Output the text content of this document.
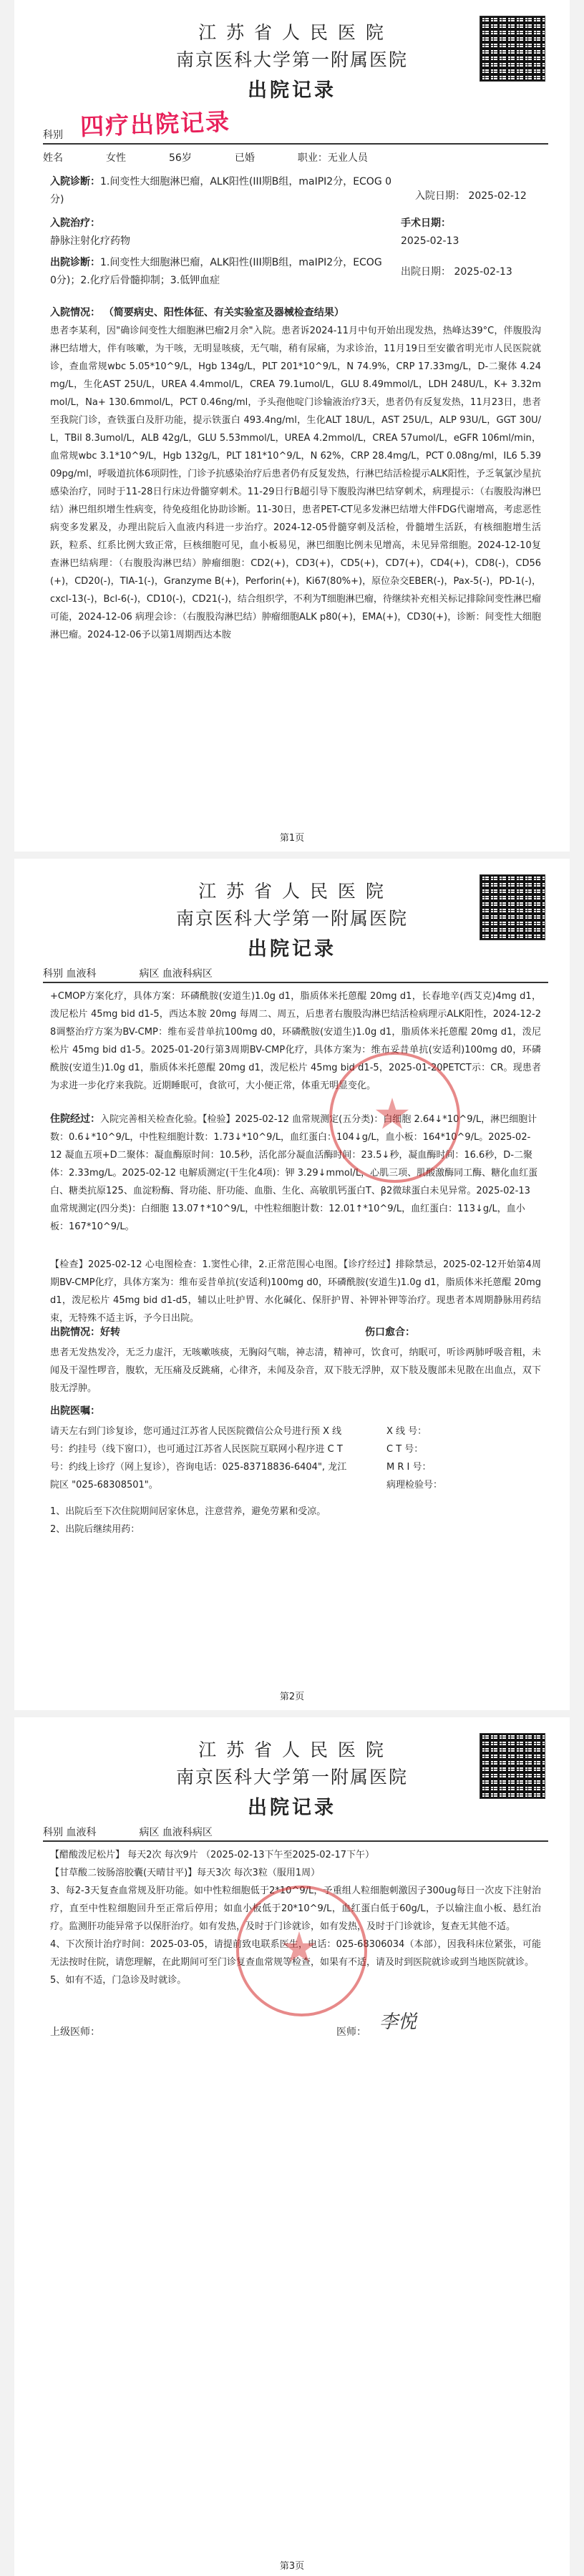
江 苏 省 人 民 医 院
南京医科大学第一附属医院
出院记录
四疗出院记录
科别
姓名	女性	56岁	已婚	职业：无业人员
入院诊断：1.间变性大细胞淋巴瘤，ALK阳性(III期B组，maIPI2分，ECOG 0分)	入院日期： 2025-02-12
入院治疗：
静脉注射化疗药物
手术日期：
2025-02-13
出院诊断：1.间变性大细胞淋巴瘤，ALK阳性(III期B组，maIPI2分，ECOG 0分)；2.化疗后骨髓抑制；3.低钾血症
出院日期： 2025-02-13
入院情况： （简要病史、阳性体征、有关实验室及器械检查结果）
患者李某利，因"确诊间变性大细胞淋巴瘤2月余"入院。患者诉2024-11月中旬开始出现发热，热峰达39°C，伴腹股沟淋巴结增大，伴有咳嗽，为干咳，无明显咳痰，无气喘，稍有尿痛，为求诊治，11月19日至安徽省明光市人民医院就诊，查血常规wbc 5.05*10^9/L，Hgb 134g/L，PLT 201*10^9/L，N 74.9%，CRP 17.33mg/L，D-二聚体 4.24mg/L，生化AST 25U/L，UREA 4.4mmol/L，CREA 79.1umol/L，GLU 8.49mmol/L，LDH 248U/L，K+ 3.32mmol/L，Na+ 130.6mmol/L，PCT 0.46ng/ml，予头孢他啶门诊输液治疗3天，患者仍有反复发热，11月23日，患者至我院门诊，查铁蛋白及肝功能，提示铁蛋白 493.4ng/ml，生化ALT 18U/L，AST 25U/L，ALP 93U/L，GGT 30U/L，TBil 8.3umol/L，ALB 42g/L，GLU 5.53mmol/L，UREA 4.2mmol/L，CREA 57umol/L，eGFR 106ml/min，血常规wbc 3.1*10^9/L，Hgb 132g/L，PLT 181*10^9/L，N 62%，CRP 28.4mg/L，PCT 0.08ng/ml，IL6 5.3909pg/ml，呼吸道抗体6项阴性，门诊予抗感染治疗后患者仍有反复发热，行淋巴结活检提示ALK阳性，予乏氧氯沙星抗感染治疗，同时于11-28日行床边骨髓穿刺术。11-29日行B超引导下腹股沟淋巴结穿刺术，病理提示：（右腹股沟淋巴结）淋巴组织增生性病变，待免疫组化协助诊断。11-30日，患者PET-CT见多发淋巴结增大伴FDG代谢增高，考虑恶性病变多发累及，办理出院后入血液内科进一步治疗。2024-12-05骨髓穿刺及活检，骨髓增生活跃，有核细胞增生活跃，粒系、红系比例大致正常，巨核细胞可见，血小板易见，淋巴细胞比例未见增高，未见异常细胞。2024-12-10复查淋巴结病理：（右腹股沟淋巴结）肿瘤细胞：CD2(+)，CD3(+)，CD5(+)，CD7(+)，CD4(+)，CD8(-)，CD56(+)，CD20(-)，TIA-1(-)，Granzyme B(+)，Perforin(+)，Ki67(80%+)，原位杂交EBER(-)，Pax-5(-)，PD-1(-)，cxcl-13(-)，Bcl-6(-)，CD10(-)，CD21(-)，结合组织学，不利为T细胞淋巴瘤，待继续补充相关标记排除间变性淋巴瘤可能，2024-12-06 病理会诊：（右腹股沟淋巴结）肿瘤细胞ALK p80(+)，EMA(+)，CD30(+)，诊断：间变性大细胞淋巴瘤。2024-12-06予以第1周期西达本胺
第1页
江 苏 省 人 民 医 院
南京医科大学第一附属医院
出院记录
科别 血液科	病区 血液科病区
+CMOP方案化疗，具体方案：环磷酰胺(安道生)1.0g d1，脂质体米托蒽醌 20mg d1，长春地辛(西艾克)4mg d1，泼尼松片 45mg bid d1-5，西达本胺 20mg 每周二、周五，后患者右腹股沟淋巴结活检病理示ALK阳性，2024-12-28调整治疗方案为BV-CMP：维布妥昔单抗100mg d0，环磷酰胺(安道生)1.0g d1，脂质体米托蒽醌 20mg d1，泼尼松片 45mg bid d1-5。2025-01-20行第3周期BV-CMP化疗，具体方案为：维布妥昔单抗(安适利)100mg d0，环磷酰胺(安道生)1.0g d1，脂质体米托蒽醌 20mg d1，泼尼松片 45mg bid d1-5，2025-01-20PETCT示：CR。现患者为求进一步化疗来我院。近期睡眠可，食欲可，大小便正常，体重无明显变化。
住院经过：入院完善相关检查化验。【检验】2025-02-12 血常规测定(五分类)：白细胞 2.64↓*10^9/L，淋巴细胞计数：0.6↓*10^9/L，中性粒细胞计数：1.73↓*10^9/L，血红蛋白：104↓g/L，血小板：164*10^9/L。2025-02-12 凝血五项+D二聚体：凝血酶原时间：10.5秒，活化部分凝血活酶时间：23.5↓秒，凝血酶时间：16.6秒，D-二聚体：2.33mg/L。2025-02-12 电解质测定(干生化4项)：钾 3.29↓mmol/L，心肌三项、肌酸激酶同工酶、糖化血红蛋白、糖类抗原125、血淀粉酶、肾功能、肝功能、血脂、生化、高敏肌钙蛋白T、β2微球蛋白未见异常。2025-02-13 血常规测定(四分类)：白细胞 13.07↑*10^9/L，中性粒细胞计数：12.01↑*10^9/L，血红蛋白：113↓g/L，血小板：167*10^9/L。
【检查】2025-02-12 心电图检查：1.窦性心律，2.正常范围心电图。【诊疗经过】排除禁忌，2025-02-12开始第4周期BV-CMP化疗，具体方案为：维布妥昔单抗(安适利)100mg d0，环磷酰胺(安道生)1.0g d1，脂质体米托蒽醌 20mg d1，泼尼松片 45mg bid d1-d5，辅以止吐护胃、水化碱化、保肝护胃、补钾补钾等治疗。现患者本周期静脉用药结束，无特殊不适主诉，予今日出院。
出院情况：好转	伤口愈合：
患者无发热发冷，无乏力虚汗，无咳嗽咳痰，无胸闷气喘，神志清，精神可，饮食可，纳眠可，听诊两肺呼吸音粗，未闻及干湿性啰音，腹软，无压痛及反跳痛，心律齐，未闻及杂音，双下肢无浮肿，双下肢及腹部未见散在出血点，双下肢无浮肿。
出院医嘱：
请天左右到门诊复诊，您可通过江苏省人民医院微信公众号进行预 X 线 号：约挂号（线下窗口），也可通过江苏省人民医院互联网小程序进 C T 号：约线上诊疗（网上复诊），咨询电话：025-83718836-6404", 龙江院区 "025-68308501"。
X 线 号：
C T 号：
M R I 号：
病理检验号：
1、出院后至下次住院期间居家休息，注意营养，避免劳累和受凉。
2、出院后继续用药：
第2页
江 苏 省 人 民 医 院
南京医科大学第一附属医院
出院记录
科别 血液科	病区 血液科病区
【醋酸泼尼松片】 每天2次 每次9片 （2025-02-13下午至2025-02-17下午）
【甘草酸二铵肠溶胶囊(天晴甘平)】每天3次 每次3粒（服用1周）
3、每2-3天复查血常规及肝功能。如中性粒细胞低于2*10^9/L，予重组人粒细胞刺激因子300ug每日一次皮下注射治疗，直至中性粒细胞回升至正常后停用；如血小板低于20*10^9/L，血红蛋白低于60g/L，予以输注血小板、悬红治疗。监测肝功能异常予以保肝治疗。如有发热，及时于门诊就诊，如有发热，及时于门诊就诊，复查无其他不适。
4、下次预计治疗时间：2025-03-05，请提前致电联系医生，电话：025-68306034（本部），因我科床位紧张，可能无法按时住院，请您理解，在此期间可至门诊复查血常规等检查，如果有不适，请及时到医院就诊或到当地医院就诊。
5、如有不适，门急诊及时就诊。
上级医师：	医师： 李悦
第3页
